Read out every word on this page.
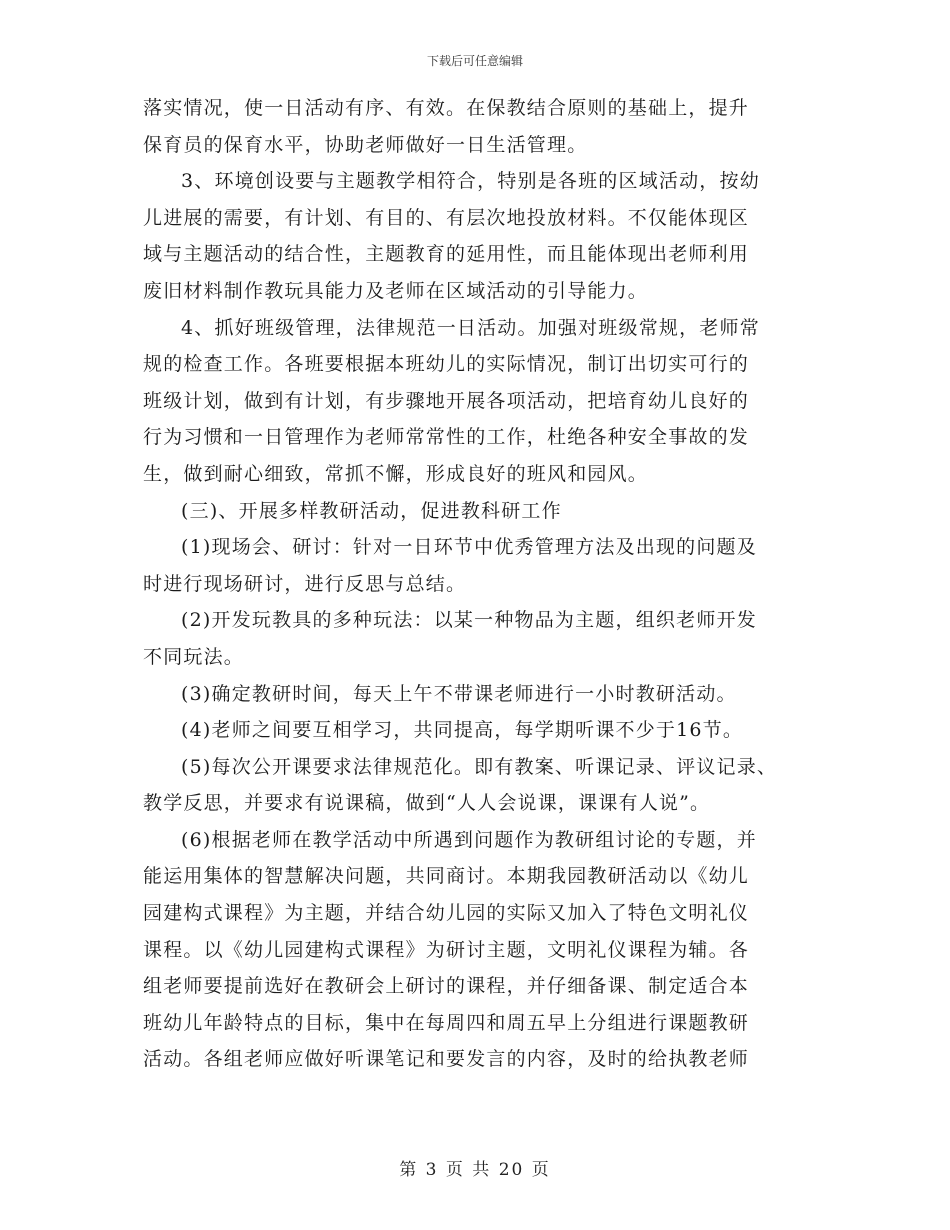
下载后可任意编辑
落实情况，使一日活动有序、有效。在保教结合原则的基础上，提升
保育员的保育水平，协助老师做好一日生活管理。
3、环境创设要与主题教学相符合，特别是各班的区域活动，按幼
儿进展的需要，有计划、有目的、有层次地投放材料。不仅能体现区
域与主题活动的结合性，主题教育的延用性，而且能体现出老师利用
废旧材料制作教玩具能力及老师在区域活动的引导能力。
4、抓好班级管理，法律规范一日活动。加强对班级常规，老师常
规的检查工作。各班要根据本班幼儿的实际情况，制订出切实可行的
班级计划，做到有计划，有步骤地开展各项活动，把培育幼儿良好的
行为习惯和一日管理作为老师常常性的工作，杜绝各种安全事故的发
生，做到耐心细致，常抓不懈，形成良好的班风和园风。
(三)、开展多样教研活动，促进教科研工作
(1)现场会、研讨：针对一日环节中优秀管理方法及出现的问题及
时进行现场研讨，进行反思与总结。
(2)开发玩教具的多种玩法：以某一种物品为主题，组织老师开发
不同玩法。
(3)确定教研时间，每天上午不带课老师进行一小时教研活动。
(4)老师之间要互相学习，共同提高，每学期听课不少于16节。
(5)每次公开课要求法律规范化。即有教案、听课记录、评议记录、
教学反思，并要求有说课稿，做到“人人会说课，课课有人说”。
(6)根据老师在教学活动中所遇到问题作为教研组讨论的专题，并
能运用集体的智慧解决问题，共同商讨。本期我园教研活动以《幼儿
园建构式课程》为主题，并结合幼儿园的实际又加入了特色文明礼仪
课程。以《幼儿园建构式课程》为研讨主题，文明礼仪课程为辅。各
组老师要提前选好在教研会上研讨的课程，并仔细备课、制定适合本
班幼儿年龄特点的目标，集中在每周四和周五早上分组进行课题教研
活动。各组老师应做好听课笔记和要发言的内容，及时的给执教老师
第 3 页 共 20 页
